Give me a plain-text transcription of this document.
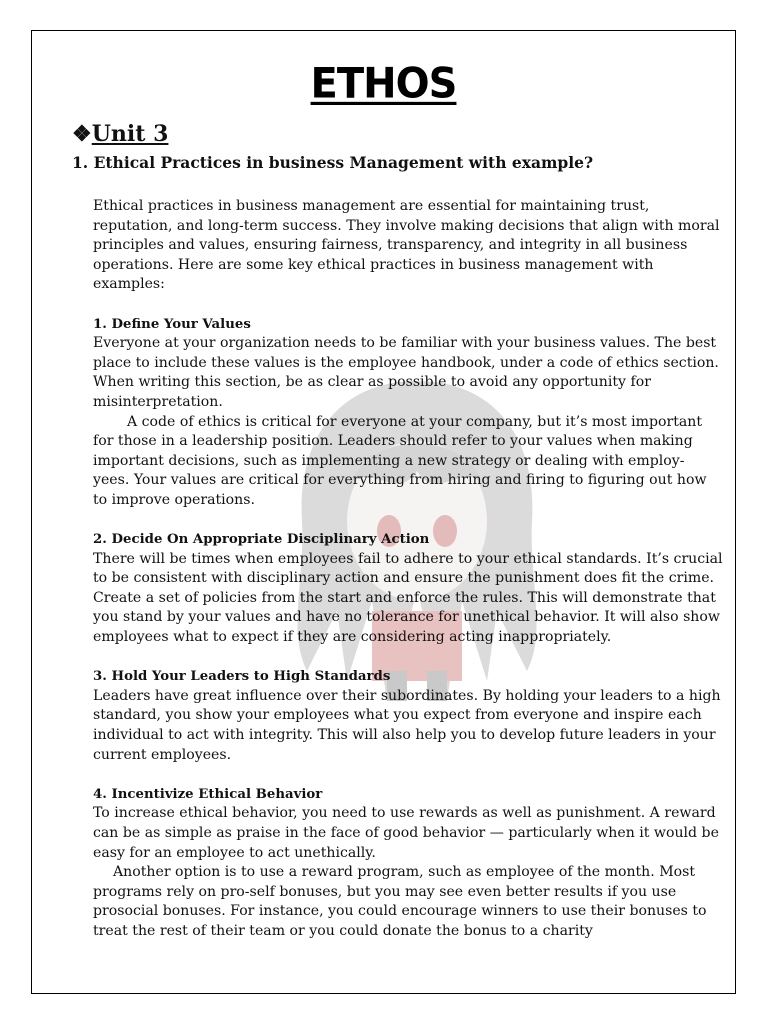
ETHOS
❖Unit 3
1. Ethical Practices in business Management with example?

Ethical practices in business management are essential for maintaining trust, reputation, and long-term success. They involve making decisions that align with moral principles and values, ensuring fairness, transparency, and integrity in all business operations. Here are some key ethical practices in business management with examples:

1. Define Your Values

Everyone at your organization needs to be familiar with your business values. The best place to include these values is the employee handbook, under a code of ethics section. When writing this section, be as clear as possible to avoid any opportunity for misinterpretation.

A code of ethics is critical for everyone at your company, but it’s most important for those in a leadership position. Leaders should refer to your values when making important decisions, such as implementing a new strategy or dealing with employ- yees. Your values are critical for everything from hiring and firing to figuring out how to improve operations.

2. Decide On Appropriate Disciplinary Action

There will be times when employees fail to adhere to your ethical standards. It’s crucial to be consistent with disciplinary action and ensure the punishment does fit the crime. Create a set of policies from the start and enforce the rules. This will demonstrate that you stand by your values and have no tolerance for unethical behavior. It will also show employees what to expect if they are considering acting inappropriately.

3. Hold Your Leaders to High Standards

Leaders have great influence over their subordinates. By holding your leaders to a high standard, you show your employees what you expect from everyone and inspire each individual to act with integrity. This will also help you to develop future leaders in your current employees.

4. Incentivize Ethical Behavior

To increase ethical behavior, you need to use rewards as well as punishment. A reward can be as simple as praise in the face of good behavior — particularly when it would be easy for an employee to act unethically.

Another option is to use a reward program, such as employee of the month. Most programs rely on pro-self bonuses, but you may see even better results if you use prosocial bonuses. For instance, you could encourage winners to use their bonuses to treat the rest of their team or you could donate the bonus to a charity
